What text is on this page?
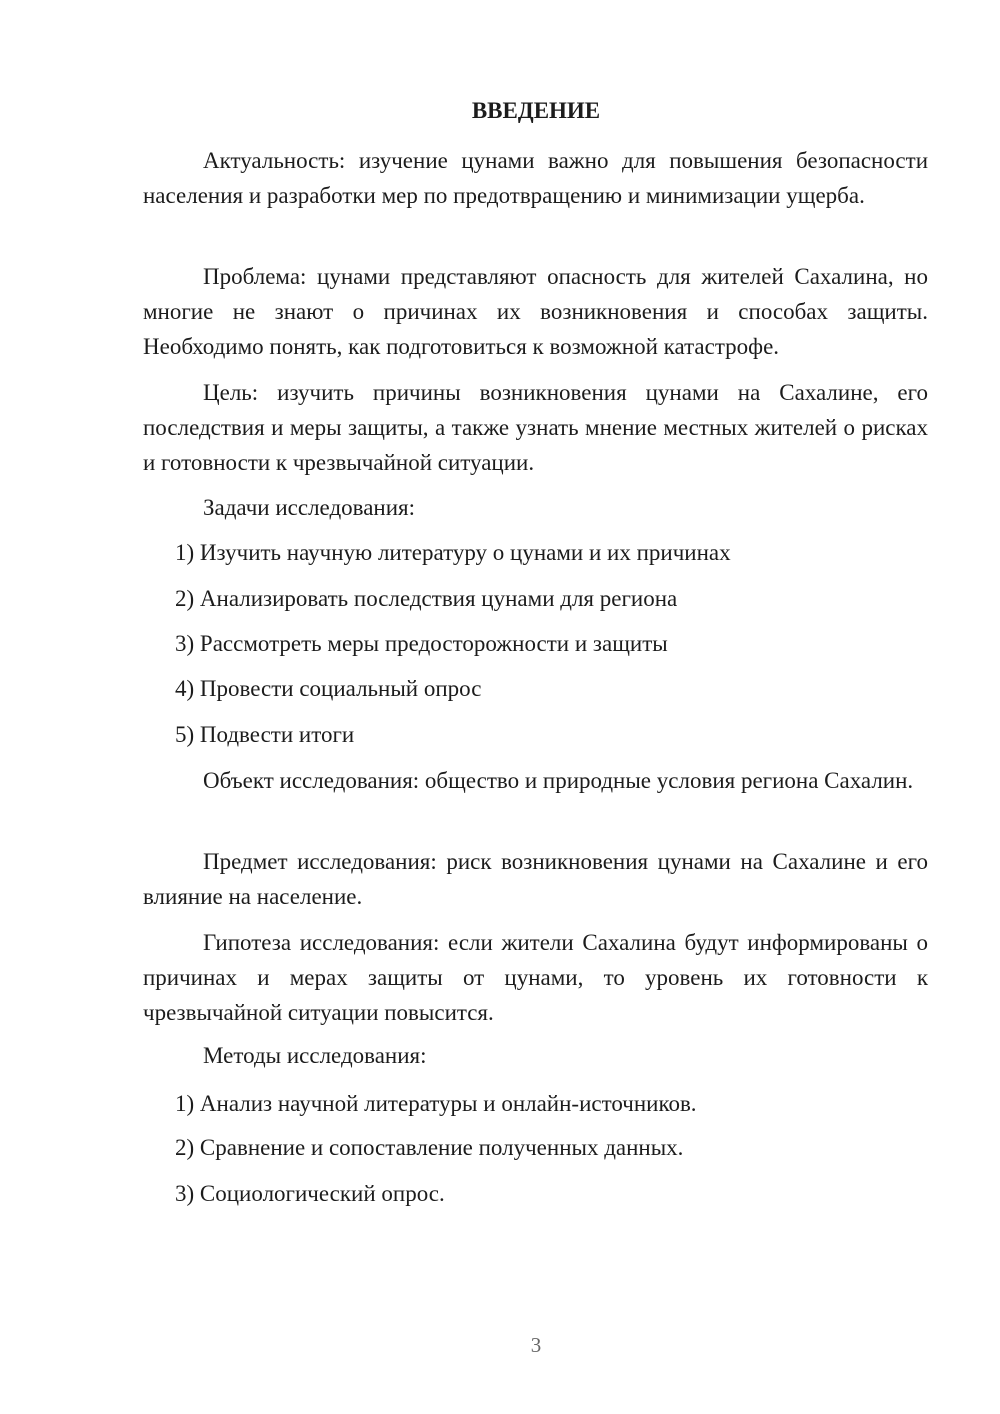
ВВЕДЕНИЕ

Актуальность: изучение цунами важно для повышения безопасности населения и разработки мер по предотвращению и минимизации ущерба.

Проблема: цунами представляют опасность для жителей Сахалина, но многие не знают о причинах их возникновения и способах защиты. Необходимо понять, как подготовиться к возможной катастрофе.

Цель: изучить причины возникновения цунами на Сахалине, его последствия и меры защиты, а также узнать мнение местных жителей о рисках и готовности к чрезвычайной ситуации.

Задачи исследования:

1) Изучить научную литературу о цунами и их причинах

2) Анализировать последствия цунами для региона

3) Рассмотреть меры предосторожности и защиты

4) Провести социальный опрос

5) Подвести итоги

Объект исследования: общество и природные условия региона Сахалин.

Предмет исследования: риск возникновения цунами на Сахалине и его влияние на население.

Гипотеза исследования: если жители Сахалина будут информированы о причинах и мерах защиты от цунами, то уровень их готовности к чрезвычайной ситуации повысится.

Методы исследования:

1) Анализ научной литературы и онлайн-источников.

2) Сравнение и сопоставление полученных данных.

3) Социологический опрос.

3
